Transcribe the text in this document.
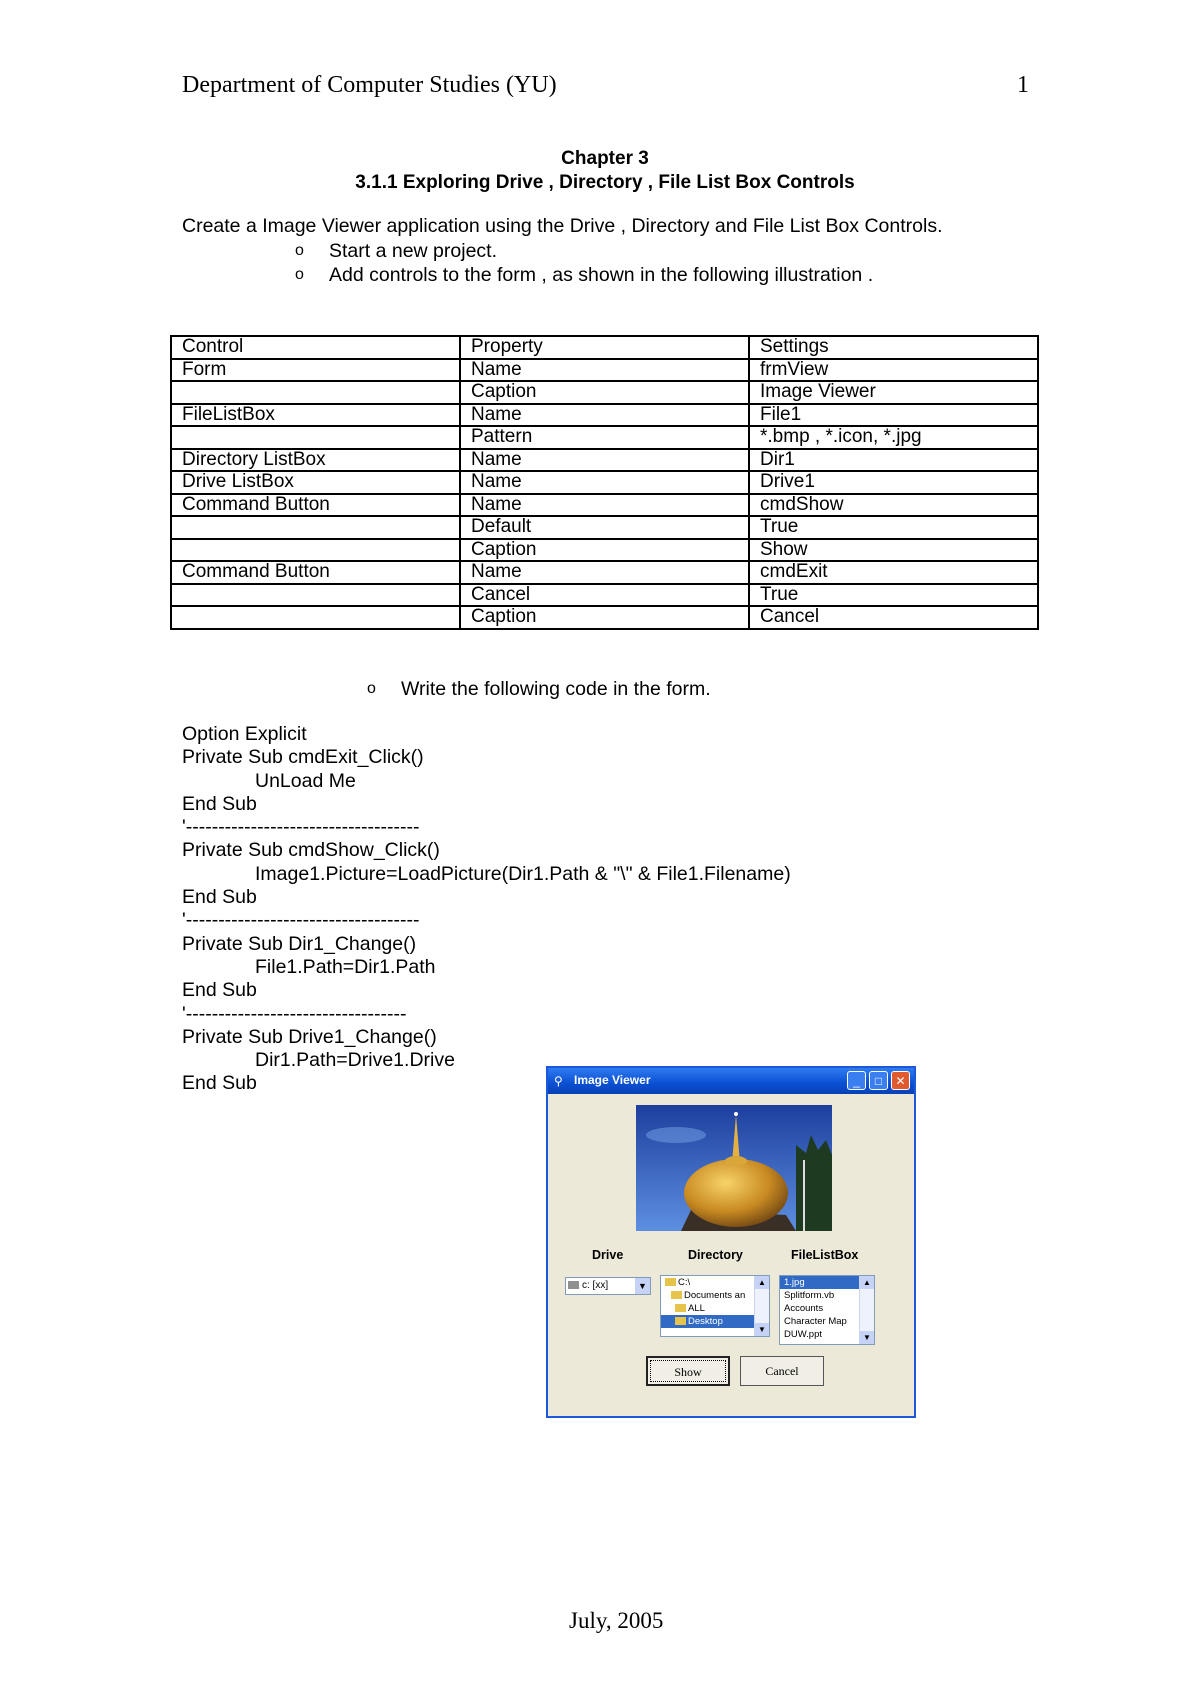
Department of Computer Studies (YU)	1
Chapter 3
3.1.1 Exploring Drive , Directory , File List Box Controls
Create a Image Viewer application using the Drive , Directory and File List Box Controls.
o Start a new project.
o Add controls to the form , as shown in the following illustration .
Control	Property	Settings
Form	Name	frmView
	Caption	Image Viewer
FileListBox	Name	File1
	Pattern	*.bmp , *.icon, *.jpg
Directory ListBox	Name	Dir1
Drive ListBox	Name	Drive1
Command Button	Name	cmdShow
	Default	True
	Caption	Show
Command Button	Name	cmdExit
	Cancel	True
	Caption	Cancel
o Write the following code in the form.
Option Explicit
Private Sub cmdExit_Click()
UnLoad Me
End Sub
'------------------------------------
Private Sub cmdShow_Click()
Image1.Picture=LoadPicture(Dir1.Path & "\" & File1.Filename)
End Sub
'------------------------------------
Private Sub Dir1_Change()
File1.Path=Dir1.Path
End Sub
'----------------------------------
Private Sub Drive1_Change()
Dir1.Path=Drive1.Drive
End Sub	⚲ Image Viewer	_	□	✕
Drive	Directory	FileListBox
c: [xx]	▼	C:\
Documents an
ALL
Desktop
▲
▼
1.jpg
Splitform.vb
Accounts
Character Map
DUW.ppt
▲
▼
Show	Cancel
July, 2005
